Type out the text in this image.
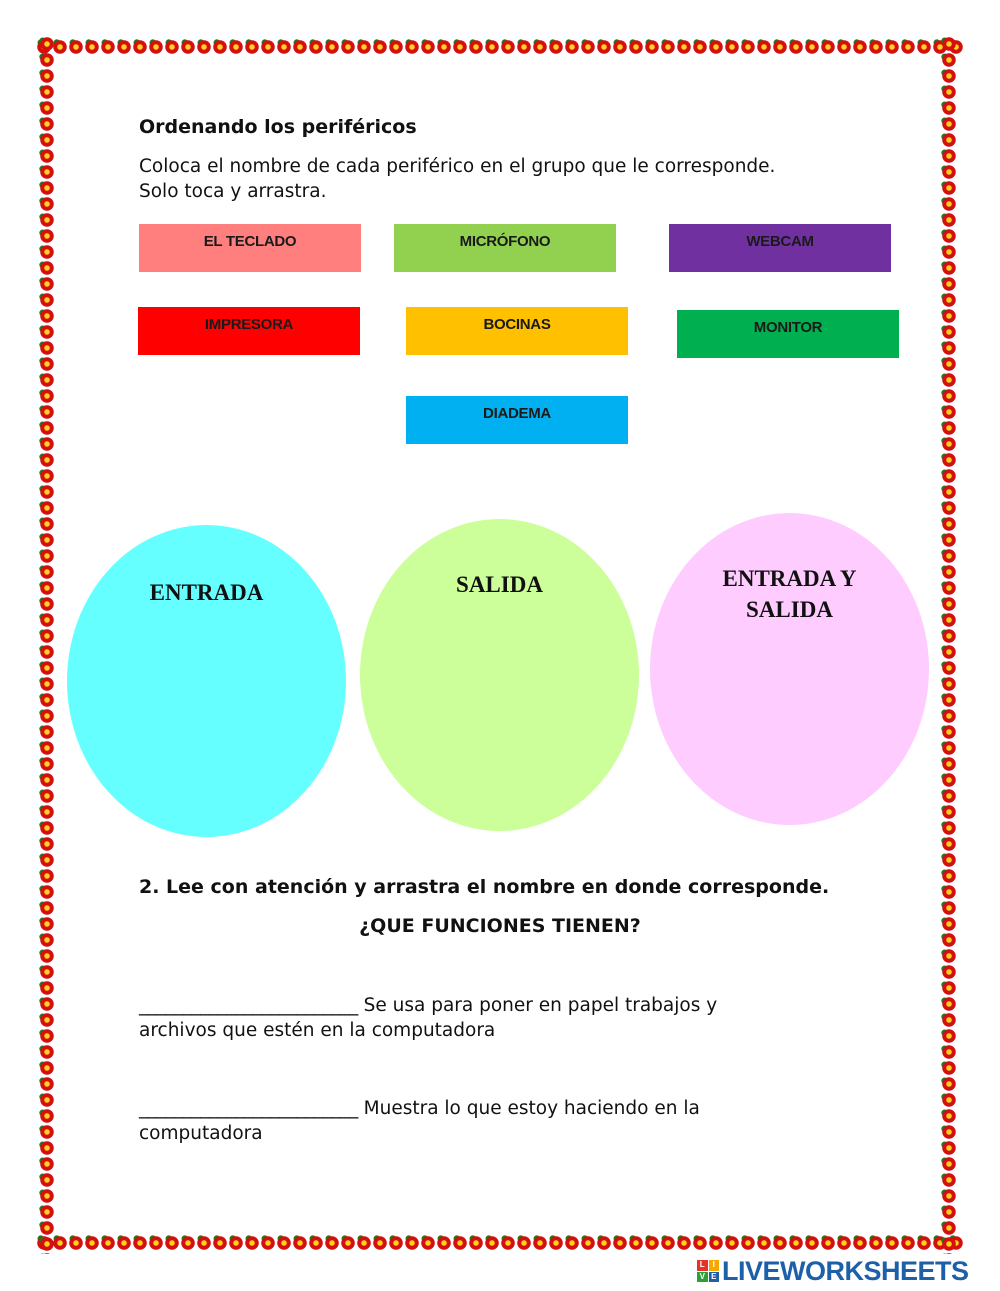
Ordenando los periféricos
Coloca el nombre de cada periférico en el grupo que le corresponde.
Solo toca y arrastra.
EL TECLADO	MICRÓFONO	WEBCAM
IMPRESORA	BOCINAS	MONITOR
DIADEMA
ENTRADA	SALIDA	ENTRADA Y
SALIDA
2. Lee con atención y arrastra el nombre en donde corresponde.
¿QUE FUNCIONES TIENEN?
_________________________ Se usa para poner en papel trabajos y
archivos que estén en la computadora
_________________________ Muestra lo que estoy haciendo en la
computadora
L I
V E LIVEWORKSHEETS
